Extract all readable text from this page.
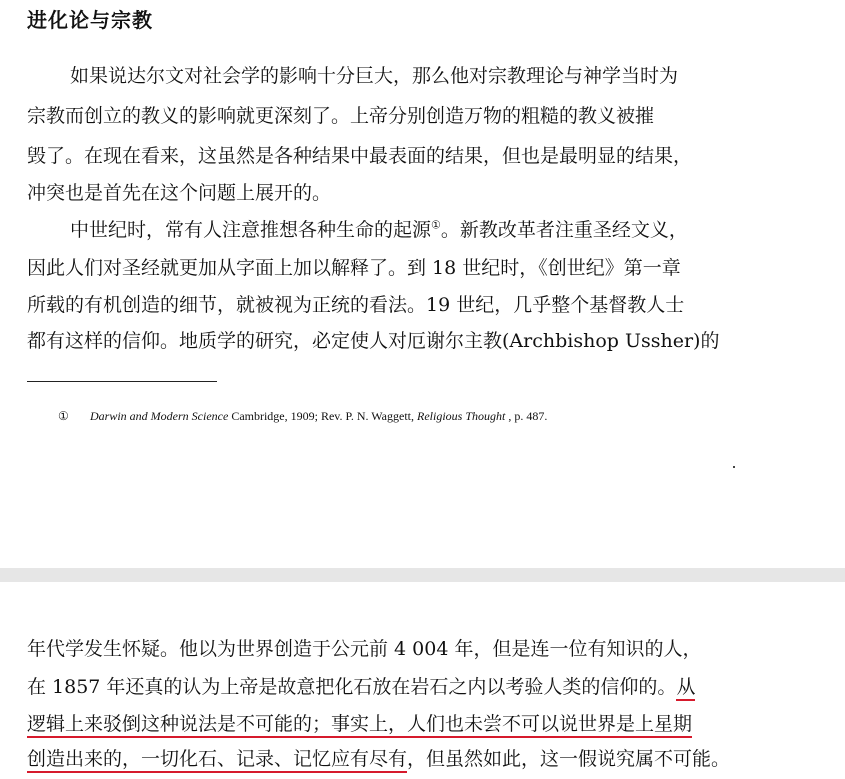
进化论与宗教

如果说达尔文对社会学的影响十分巨大，那么他对宗教理论与神学当时为

宗教而创立的教义的影响就更深刻了。上帝分别创造万物的粗糙的教义被摧

毁了。在现在看来，这虽然是各种结果中最表面的结果，但也是最明显的结果，

冲突也是首先在这个问题上展开的。

中世纪时，常有人注意推想各种生命的起源①。新教改革者注重圣经文义，

因此人们对圣经就更加从字面上加以解释了。到 18 世纪时，《创世纪》第一章

所载的有机创造的细节，就被视为正统的看法。19 世纪，几乎整个基督教人士

都有这样的信仰。地质学的研究，必定使人对厄谢尔主教(Archbishop Ussher)的

① Darwin and Modern Science Cambridge, 1909; Rev. P. N. Waggett, Religious Thought , p. 487.

年代学发生怀疑。他以为世界创造于公元前 4 004 年，但是连一位有知识的人，

在 1857 年还真的认为上帝是故意把化石放在岩石之内以考验人类的信仰的。从

逻辑上来驳倒这种说法是不可能的；事实上，人们也未尝不可以说世界是上星期

创造出来的，一切化石、记录、记忆应有尽有，但虽然如此，这一假说究属不可能。
